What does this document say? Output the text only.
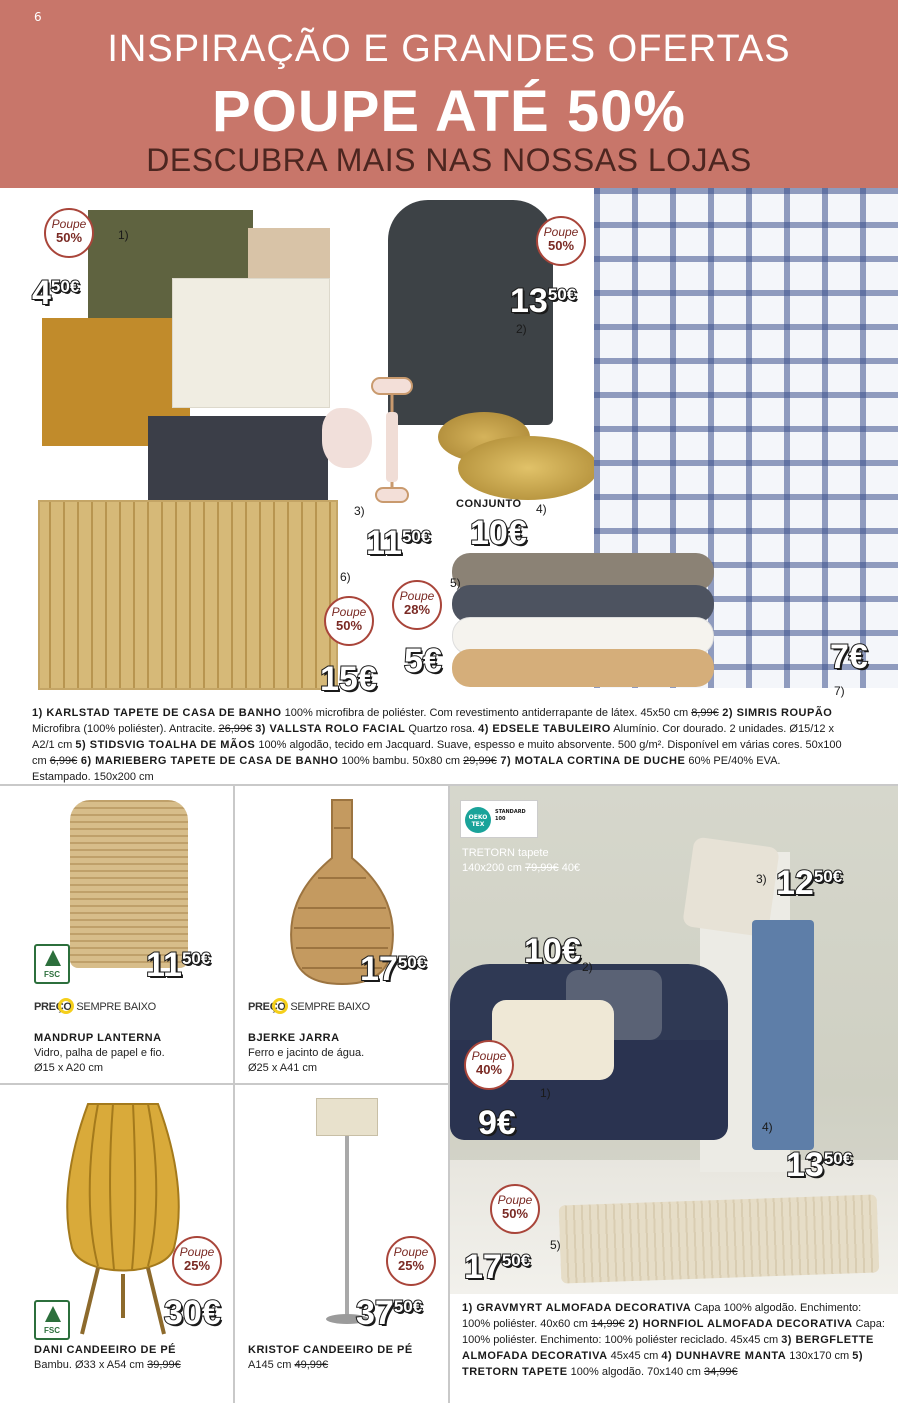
6
INSPIRAÇÃO E GRANDES OFERTAS
POUPE ATÉ 50%
DESCUBRA MAIS NAS NOSSAS LOJAS
Poupe
50%	Poupe
50%
Poupe
28%
Poupe
50%
1)
450€
2)
1350€
3)
1150€
CONJUNTO 4)
10€
5)
5€
6)
15€
7€
7)
1) KARLSTAD TAPETE DE CASA DE BANHO 100% microfibra de poliéster. Com revestimento antiderrapante de látex. 45x50 cm 8,99€ 2) SIMRIS ROUPÃO Microfibra (100% poliéster). Antracite. 26,99€ 3) VALLSTA ROLO FACIAL Quartzo rosa. 4) EDSELE TABULEIRO Alumínio. Cor dourado. 2 unidades. Ø15/12 x A2/1 cm 5) STIDSVIG TOALHA DE MÃOS 100% algodão, tecido em Jacquard. Suave, espesso e muito absorvente. 500 g/m². Disponível em várias cores. 50x100 cm 6,99€ 6) MARIEBERG TAPETE DE CASA DE BANHO 100% bambu. 50x80 cm 29,99€ 7) MOTALA CORTINA DE DUCHE 60% PE/40% EVA. Estampado. 150x200 cm
FSC	1150€
PREÇO SEMPRE BAIXO
MANDRUP LANTERNA
Vidro, palha de papel e fio.
Ø15 x A20 cm
1750€
PREÇO SEMPRE BAIXO
BJERKE JARRA
Ferro e jacinto de água.
Ø25 x A41 cm
FSC
Poupe
25%
30€
DANI CANDEEIRO DE PÉ
Bambu. Ø33 x A54 cm 39,99€
Poupe
25%
3750€
KRISTOF CANDEEIRO DE PÉ
A145 cm 49,99€
OEKO TEX
STANDARD 100
TRETORN tapete
140x200 cm 79,99€ 40€
3) 1250€
10€ 2)
Poupe
40%
1)
9€	4)
1350€
Poupe
50%
5)
1750€
1) GRAVMYRT ALMOFADA DECORATIVA Capa 100% algodão. Enchimento: 100% poliéster. 40x60 cm 14,99€ 2) HORNFIOL ALMOFADA DECORATIVA Capa: 100% poliéster. Enchimento: 100% poliéster reciclado. 45x45 cm 3) BERGFLETTE ALMOFADA DECORATIVA 45x45 cm 4) DUNHAVRE MANTA 130x170 cm 5) TRETORN TAPETE 100% algodão. 70x140 cm 34,99€
